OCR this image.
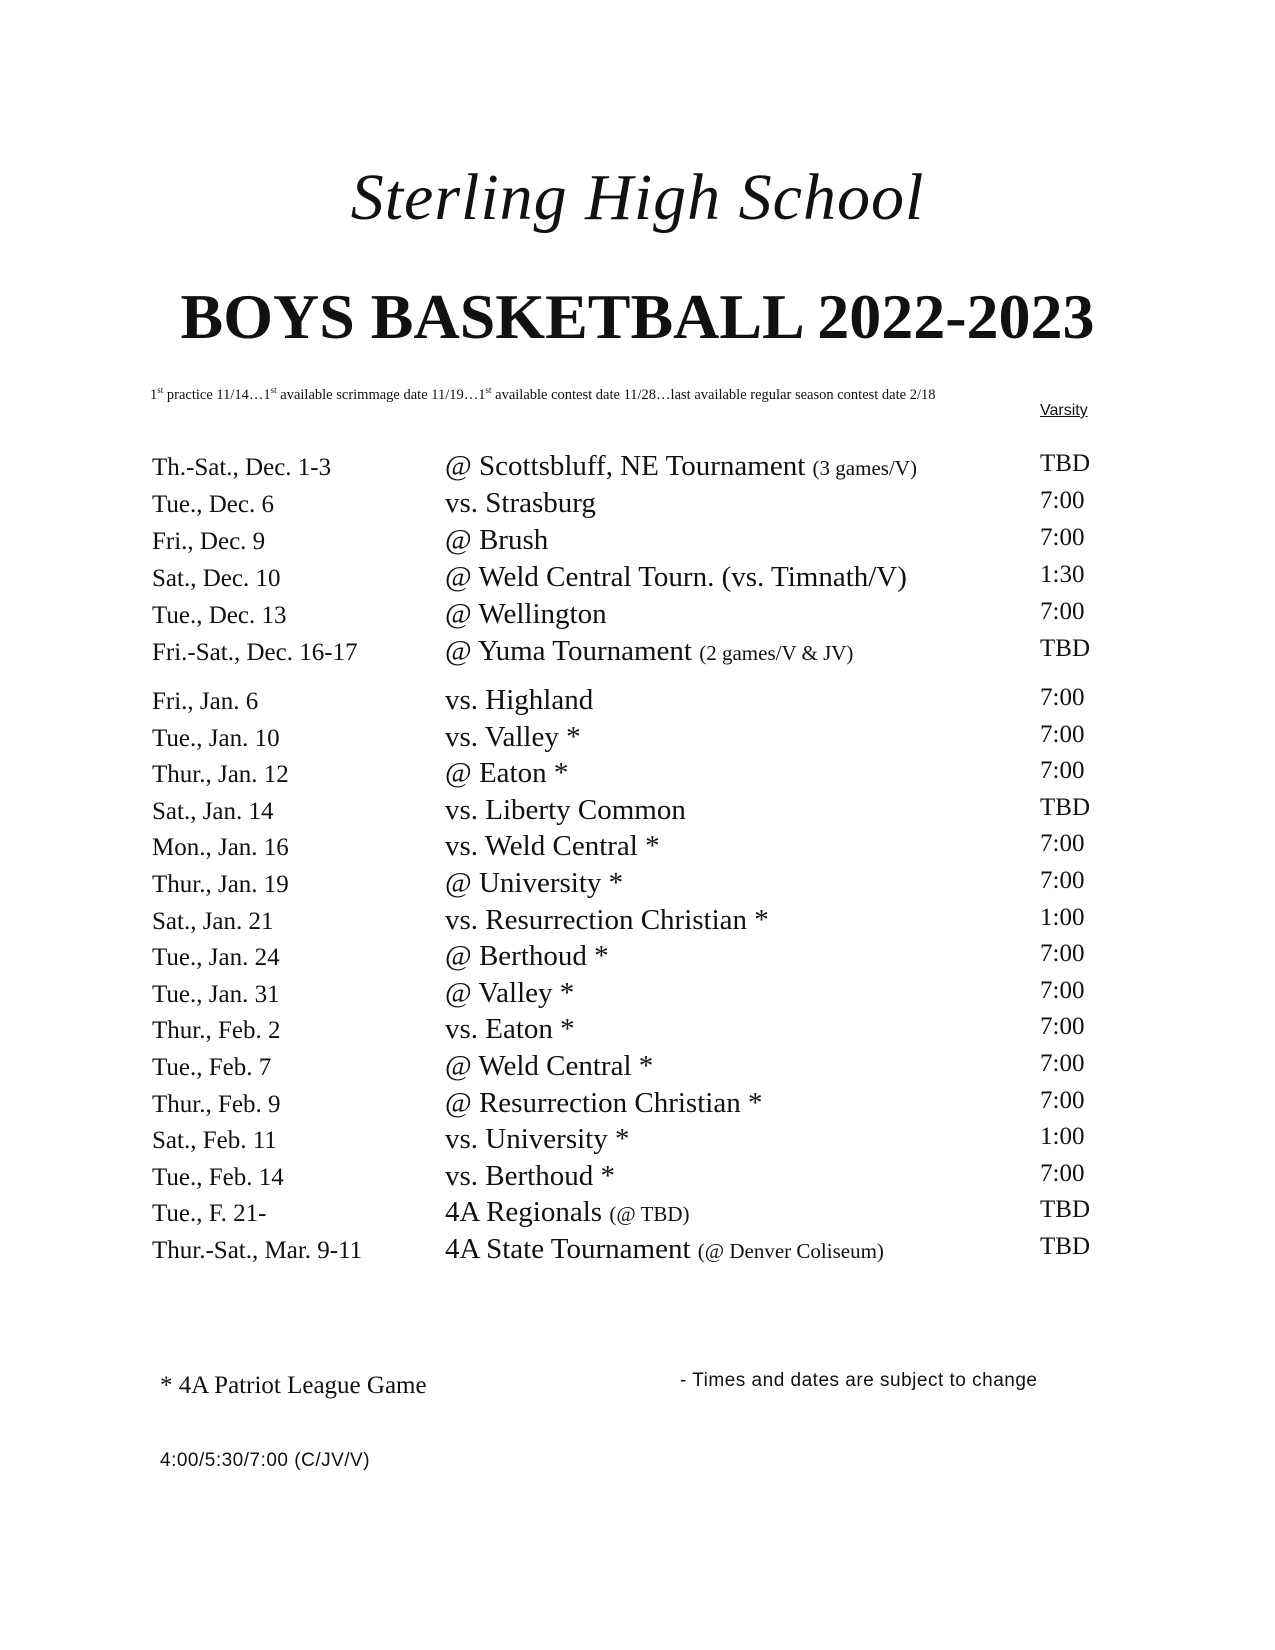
Sterling High School
BOYS BASKETBALL 2022-2023
1st practice 11/14…1st available scrimmage date 11/19…1st available contest date 11/28…last available regular season contest date 2/18
Varsity
Th.-Sat., Dec. 1-3	@ Scottsbluff, NE Tournament (3 games/V)	TBD
Tue., Dec. 6	vs. Strasburg	7:00
Fri., Dec. 9	@ Brush	7:00
Sat., Dec. 10	@ Weld Central Tourn. (vs. Timnath/V)	1:30
Tue., Dec. 13	@ Wellington	7:00
Fri.-Sat., Dec. 16-17	@ Yuma Tournament (2 games/V & JV)	TBD
Fri., Jan. 6	vs. Highland	7:00
Tue., Jan. 10	vs. Valley *	7:00
Thur., Jan. 12	@ Eaton *	7:00
Sat., Jan. 14	vs. Liberty Common	TBD
Mon., Jan. 16	vs. Weld Central *	7:00
Thur., Jan. 19	@ University *	7:00
Sat., Jan. 21	vs. Resurrection Christian *	1:00
Tue., Jan. 24	@ Berthoud *	7:00
Tue., Jan. 31	@ Valley *	7:00
Thur., Feb. 2	vs. Eaton *	7:00
Tue., Feb. 7	@ Weld Central *	7:00
Thur., Feb. 9	@ Resurrection Christian *	7:00
Sat., Feb. 11	vs. University *	1:00
Tue., Feb. 14	vs. Berthoud *	7:00
Tue., F. 21-	4A Regionals (@ TBD)	TBD
Thur.-Sat., Mar. 9-11	4A State Tournament (@ Denver Coliseum)	TBD
* 4A Patriot League Game	- Times and dates are subject to change
4:00/5:30/7:00 (C/JV/V)
